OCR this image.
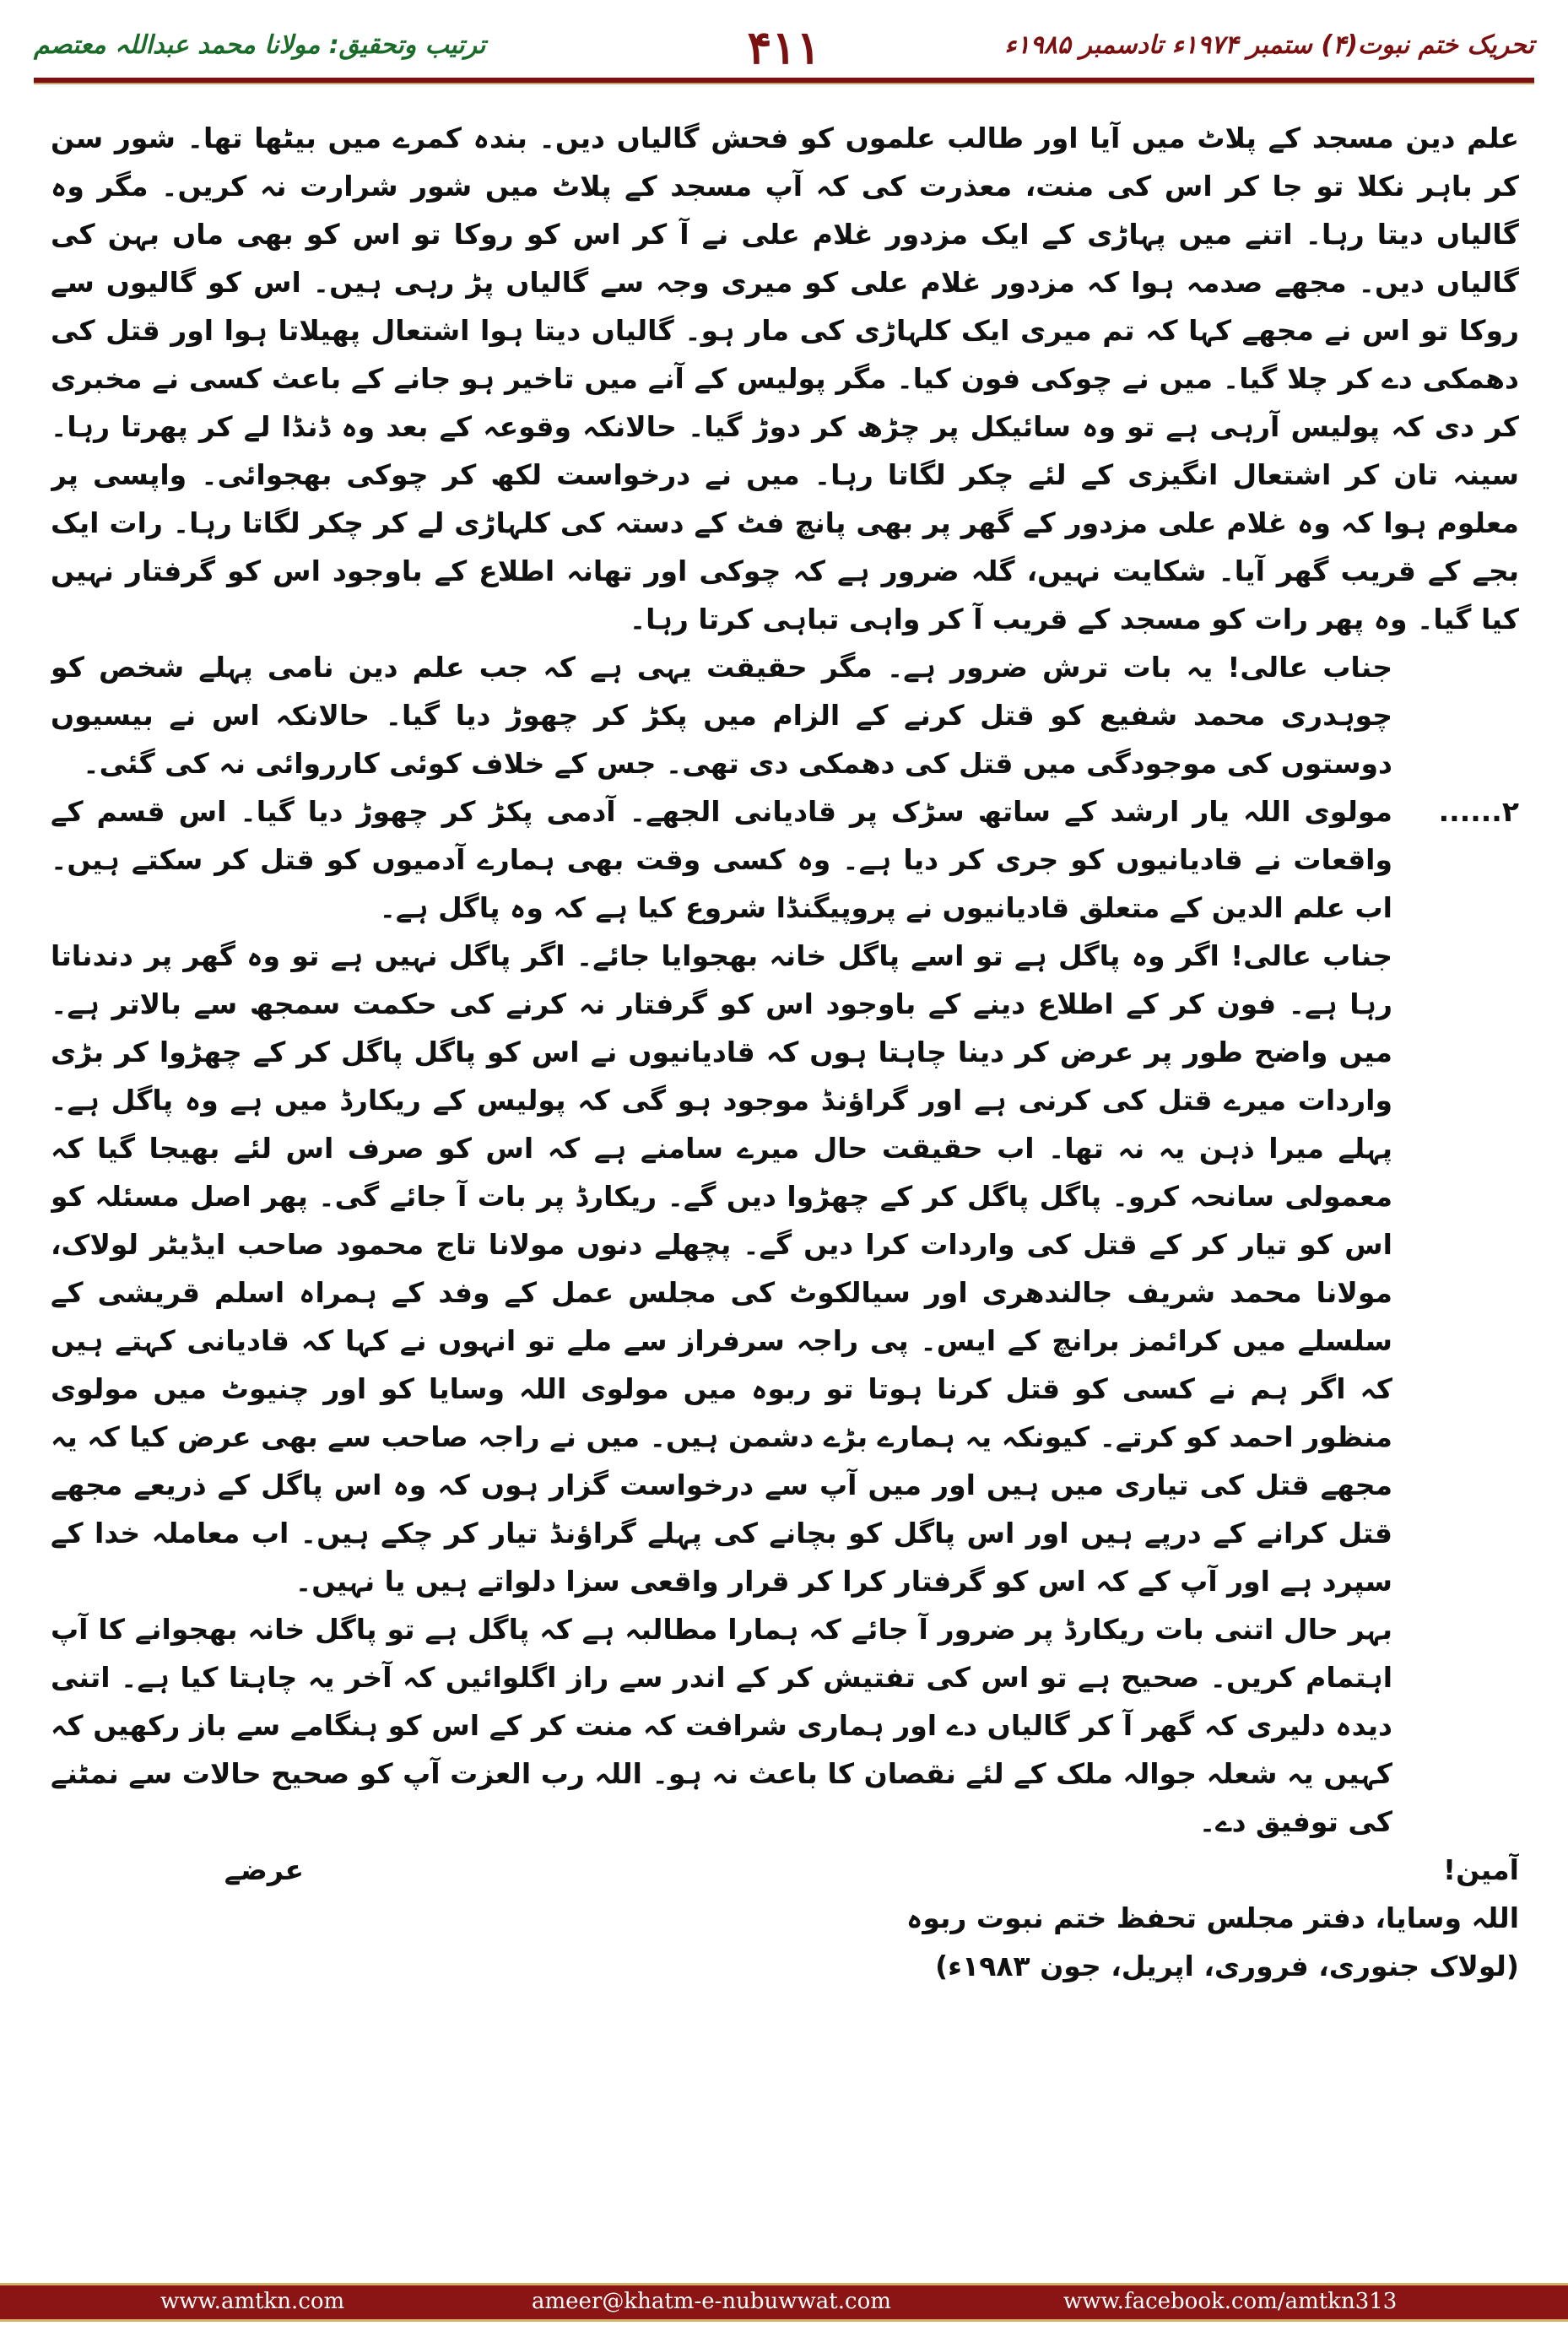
تحریک ختم نبوت(۴) ستمبر ۱۹۷۴ء تادسمبر ۱۹۸۵ء
۴۱۱
ترتیب وتحقیق: مولانا محمد عبداللہ معتصم

علم دین مسجد کے پلاٹ میں آیا اور طالب علموں کو فحش گالیاں دیں۔ بندہ کمرے میں بیٹھا تھا۔ شور سن کر باہر نکلا تو جا کر اس کی منت، معذرت کی کہ آپ مسجد کے پلاٹ میں شور شرارت نہ کریں۔ مگر وہ گالیاں دیتا رہا۔ اتنے میں پہاڑی کے ایک مزدور غلام علی نے آ کر اس کو روکا تو اس کو بھی ماں بہن کی گالیاں دیں۔ مجھے صدمہ ہوا کہ مزدور غلام علی کو میری وجہ سے گالیاں پڑ رہی ہیں۔ اس کو گالیوں سے روکا تو اس نے مجھے کہا کہ تم میری ایک کلہاڑی کی مار ہو۔ گالیاں دیتا ہوا اشتعال پھیلاتا ہوا اور قتل کی دھمکی دے کر چلا گیا۔ میں نے چوکی فون کیا۔ مگر پولیس کے آنے میں تاخیر ہو جانے کے باعث کسی نے مخبری کر دی کہ پولیس آرہی ہے تو وہ سائیکل پر چڑھ کر دوڑ گیا۔ حالانکہ وقوعہ کے بعد وہ ڈنڈا لے کر پھرتا رہا۔ سینہ تان کر اشتعال انگیزی کے لئے چکر لگاتا رہا۔ میں نے درخواست لکھ کر چوکی بھجوائی۔ واپسی پر معلوم ہوا کہ وہ غلام علی مزدور کے گھر پر بھی پانچ فٹ کے دستہ کی کلہاڑی لے کر چکر لگاتا رہا۔ رات ایک بجے کے قریب گھر آیا۔ شکایت نہیں، گلہ ضرور ہے کہ چوکی اور تھانہ اطلاع کے باوجود اس کو گرفتار نہیں کیا گیا۔ وہ پھر رات کو مسجد کے قریب آ کر واہی تباہی کرتا رہا۔

جناب عالی! یہ بات ترش ضرور ہے۔ مگر حقیقت یہی ہے کہ جب علم دین نامی پہلے شخص کو چوہدری محمد شفیع کو قتل کرنے کے الزام میں پکڑ کر چھوڑ دیا گیا۔ حالانکہ اس نے بیسیوں دوستوں کی موجودگی میں قتل کی دھمکی دی تھی۔ جس کے خلاف کوئی کارروائی نہ کی گئی۔

۲......
مولوی اللہ یار ارشد کے ساتھ سڑک پر قادیانی الجھے۔ آدمی پکڑ کر چھوڑ دیا گیا۔ اس قسم کے واقعات نے قادیانیوں کو جری کر دیا ہے۔ وہ کسی وقت بھی ہمارے آدمیوں کو قتل کر سکتے ہیں۔ اب علم الدین کے متعلق قادیانیوں نے پروپیگنڈا شروع کیا ہے کہ وہ پاگل ہے۔

جناب عالی! اگر وہ پاگل ہے تو اسے پاگل خانہ بھجوایا جائے۔ اگر پاگل نہیں ہے تو وہ گھر پر دندناتا رہا ہے۔ فون کر کے اطلاع دینے کے باوجود اس کو گرفتار نہ کرنے کی حکمت سمجھ سے بالاتر ہے۔ میں واضح طور پر عرض کر دینا چاہتا ہوں کہ قادیانیوں نے اس کو پاگل پاگل کر کے چھڑوا کر بڑی واردات میرے قتل کی کرنی ہے اور گراؤنڈ موجود ہو گی کہ پولیس کے ریکارڈ میں ہے وہ پاگل ہے۔ پہلے میرا ذہن یہ نہ تھا۔ اب حقیقت حال میرے سامنے ہے کہ اس کو صرف اس لئے بھیجا گیا کہ معمولی سانحہ کرو۔ پاگل پاگل کر کے چھڑوا دیں گے۔ ریکارڈ پر بات آ جائے گی۔ پھر اصل مسئلہ کو اس کو تیار کر کے قتل کی واردات کرا دیں گے۔ پچھلے دنوں مولانا تاج محمود صاحب ایڈیٹر لولاک، مولانا محمد شریف جالندھری اور سیالکوٹ کی مجلس عمل کے وفد کے ہمراہ اسلم قریشی کے سلسلے میں کرائمز برانچ کے ایس۔ پی راجہ سرفراز سے ملے تو انہوں نے کہا کہ قادیانی کہتے ہیں کہ اگر ہم نے کسی کو قتل کرنا ہوتا تو ربوہ میں مولوی اللہ وسایا کو اور چنیوٹ میں مولوی منظور احمد کو کرتے۔ کیونکہ یہ ہمارے بڑے دشمن ہیں۔ میں نے راجہ صاحب سے بھی عرض کیا کہ یہ مجھے قتل کی تیاری میں ہیں اور میں آپ سے درخواست گزار ہوں کہ وہ اس پاگل کے ذریعے مجھے قتل کرانے کے درپے ہیں اور اس پاگل کو بچانے کی پہلے گراؤنڈ تیار کر چکے ہیں۔ اب معاملہ خدا کے سپرد ہے اور آپ کے کہ اس کو گرفتار کرا کر قرار واقعی سزا دلواتے ہیں یا نہیں۔

بہر حال اتنی بات ریکارڈ پر ضرور آ جائے کہ ہمارا مطالبہ ہے کہ پاگل ہے تو پاگل خانہ بھجوانے کا آپ اہتمام کریں۔ صحیح ہے تو اس کی تفتیش کر کے اندر سے راز اگلوائیں کہ آخر یہ چاہتا کیا ہے۔ اتنی دیدہ دلیری کہ گھر آ کر گالیاں دے اور ہماری شرافت کہ منت کر کے اس کو ہنگامے سے باز رکھیں کہ کہیں یہ شعلہ جوالہ ملک کے لئے نقصان کا باعث نہ ہو۔ اللہ رب العزت آپ کو صحیح حالات سے نمٹنے کی توفیق دے۔

آمین!
عرضے

اللہ وسایا، دفتر مجلس تحفظ ختم نبوت ربوہ

(لولاک جنوری، فروری، اپریل، جون ۱۹۸۳ء)

www.amtkn.com	ameer@khatm-e-nubuwwat.com	www.facebook.com/amtkn313
